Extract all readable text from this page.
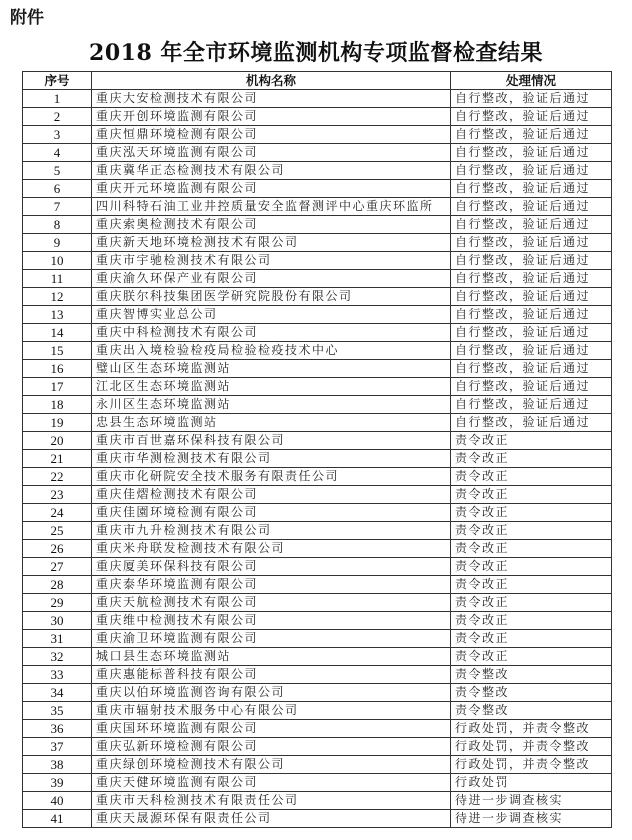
附件
2018 年全市环境监测机构专项监督检查结果
序号	机构名称	处理情况
1	重庆大安检测技术有限公司	自行整改，验证后通过
2	重庆开创环境监测有限公司	自行整改，验证后通过
3	重庆恒鼎环境检测有限公司	自行整改，验证后通过
4	重庆泓天环境监测有限公司	自行整改，验证后通过
5	重庆冀华正态检测技术有限公司	自行整改，验证后通过
6	重庆开元环境监测有限公司	自行整改，验证后通过
7	四川科特石油工业井控质量安全监督测评中心重庆环监所	自行整改，验证后通过
8	重庆索奥检测技术有限公司	自行整改，验证后通过
9	重庆新天地环境检测技术有限公司	自行整改，验证后通过
10	重庆市宇驰检测技术有限公司	自行整改，验证后通过
11	重庆渝久环保产业有限公司	自行整改，验证后通过
12	重庆朕尔科技集团医学研究院股份有限公司	自行整改，验证后通过
13	重庆智博实业总公司	自行整改，验证后通过
14	重庆中科检测技术有限公司	自行整改，验证后通过
15	重庆出入境检验检疫局检验检疫技术中心	自行整改，验证后通过
16	璧山区生态环境监测站	自行整改，验证后通过
17	江北区生态环境监测站	自行整改，验证后通过
18	永川区生态环境监测站	自行整改，验证后通过
19	忠县生态环境监测站	自行整改，验证后通过
20	重庆市百世嘉环保科技有限公司	责令改正
21	重庆市华测检测技术有限公司	责令改正
22	重庆市化研院安全技术服务有限责任公司	责令改正
23	重庆佳熠检测技术有限公司	责令改正
24	重庆佳園环境检测有限公司	责令改正
25	重庆市九升检测技术有限公司	责令改正
26	重庆米舟联发检测技术有限公司	责令改正
27	重庆厦美环保科技有限公司	责令改正
28	重庆泰华环境监测有限公司	责令改正
29	重庆天航检测技术有限公司	责令改正
30	重庆维中检测技术有限公司	责令改正
31	重庆渝卫环境监测有限公司	责令改正
32	城口县生态环境监测站	责令改正
33	重庆惠能标普科技有限公司	责令整改
34	重庆以伯环境监测咨询有限公司	责令整改
35	重庆市辐射技术服务中心有限公司	责令整改
36	重庆国环环境监测有限公司	行政处罚，并责令整改
37	重庆弘新环境检测有限公司	行政处罚，并责令整改
38	重庆绿创环境检测技术有限公司	行政处罚，并责令整改
39	重庆天健环境监测有限公司	行政处罚
40	重庆市天科检测技术有限责任公司	待进一步调查核实
41	重庆天晟源环保有限责任公司	待进一步调查核实
